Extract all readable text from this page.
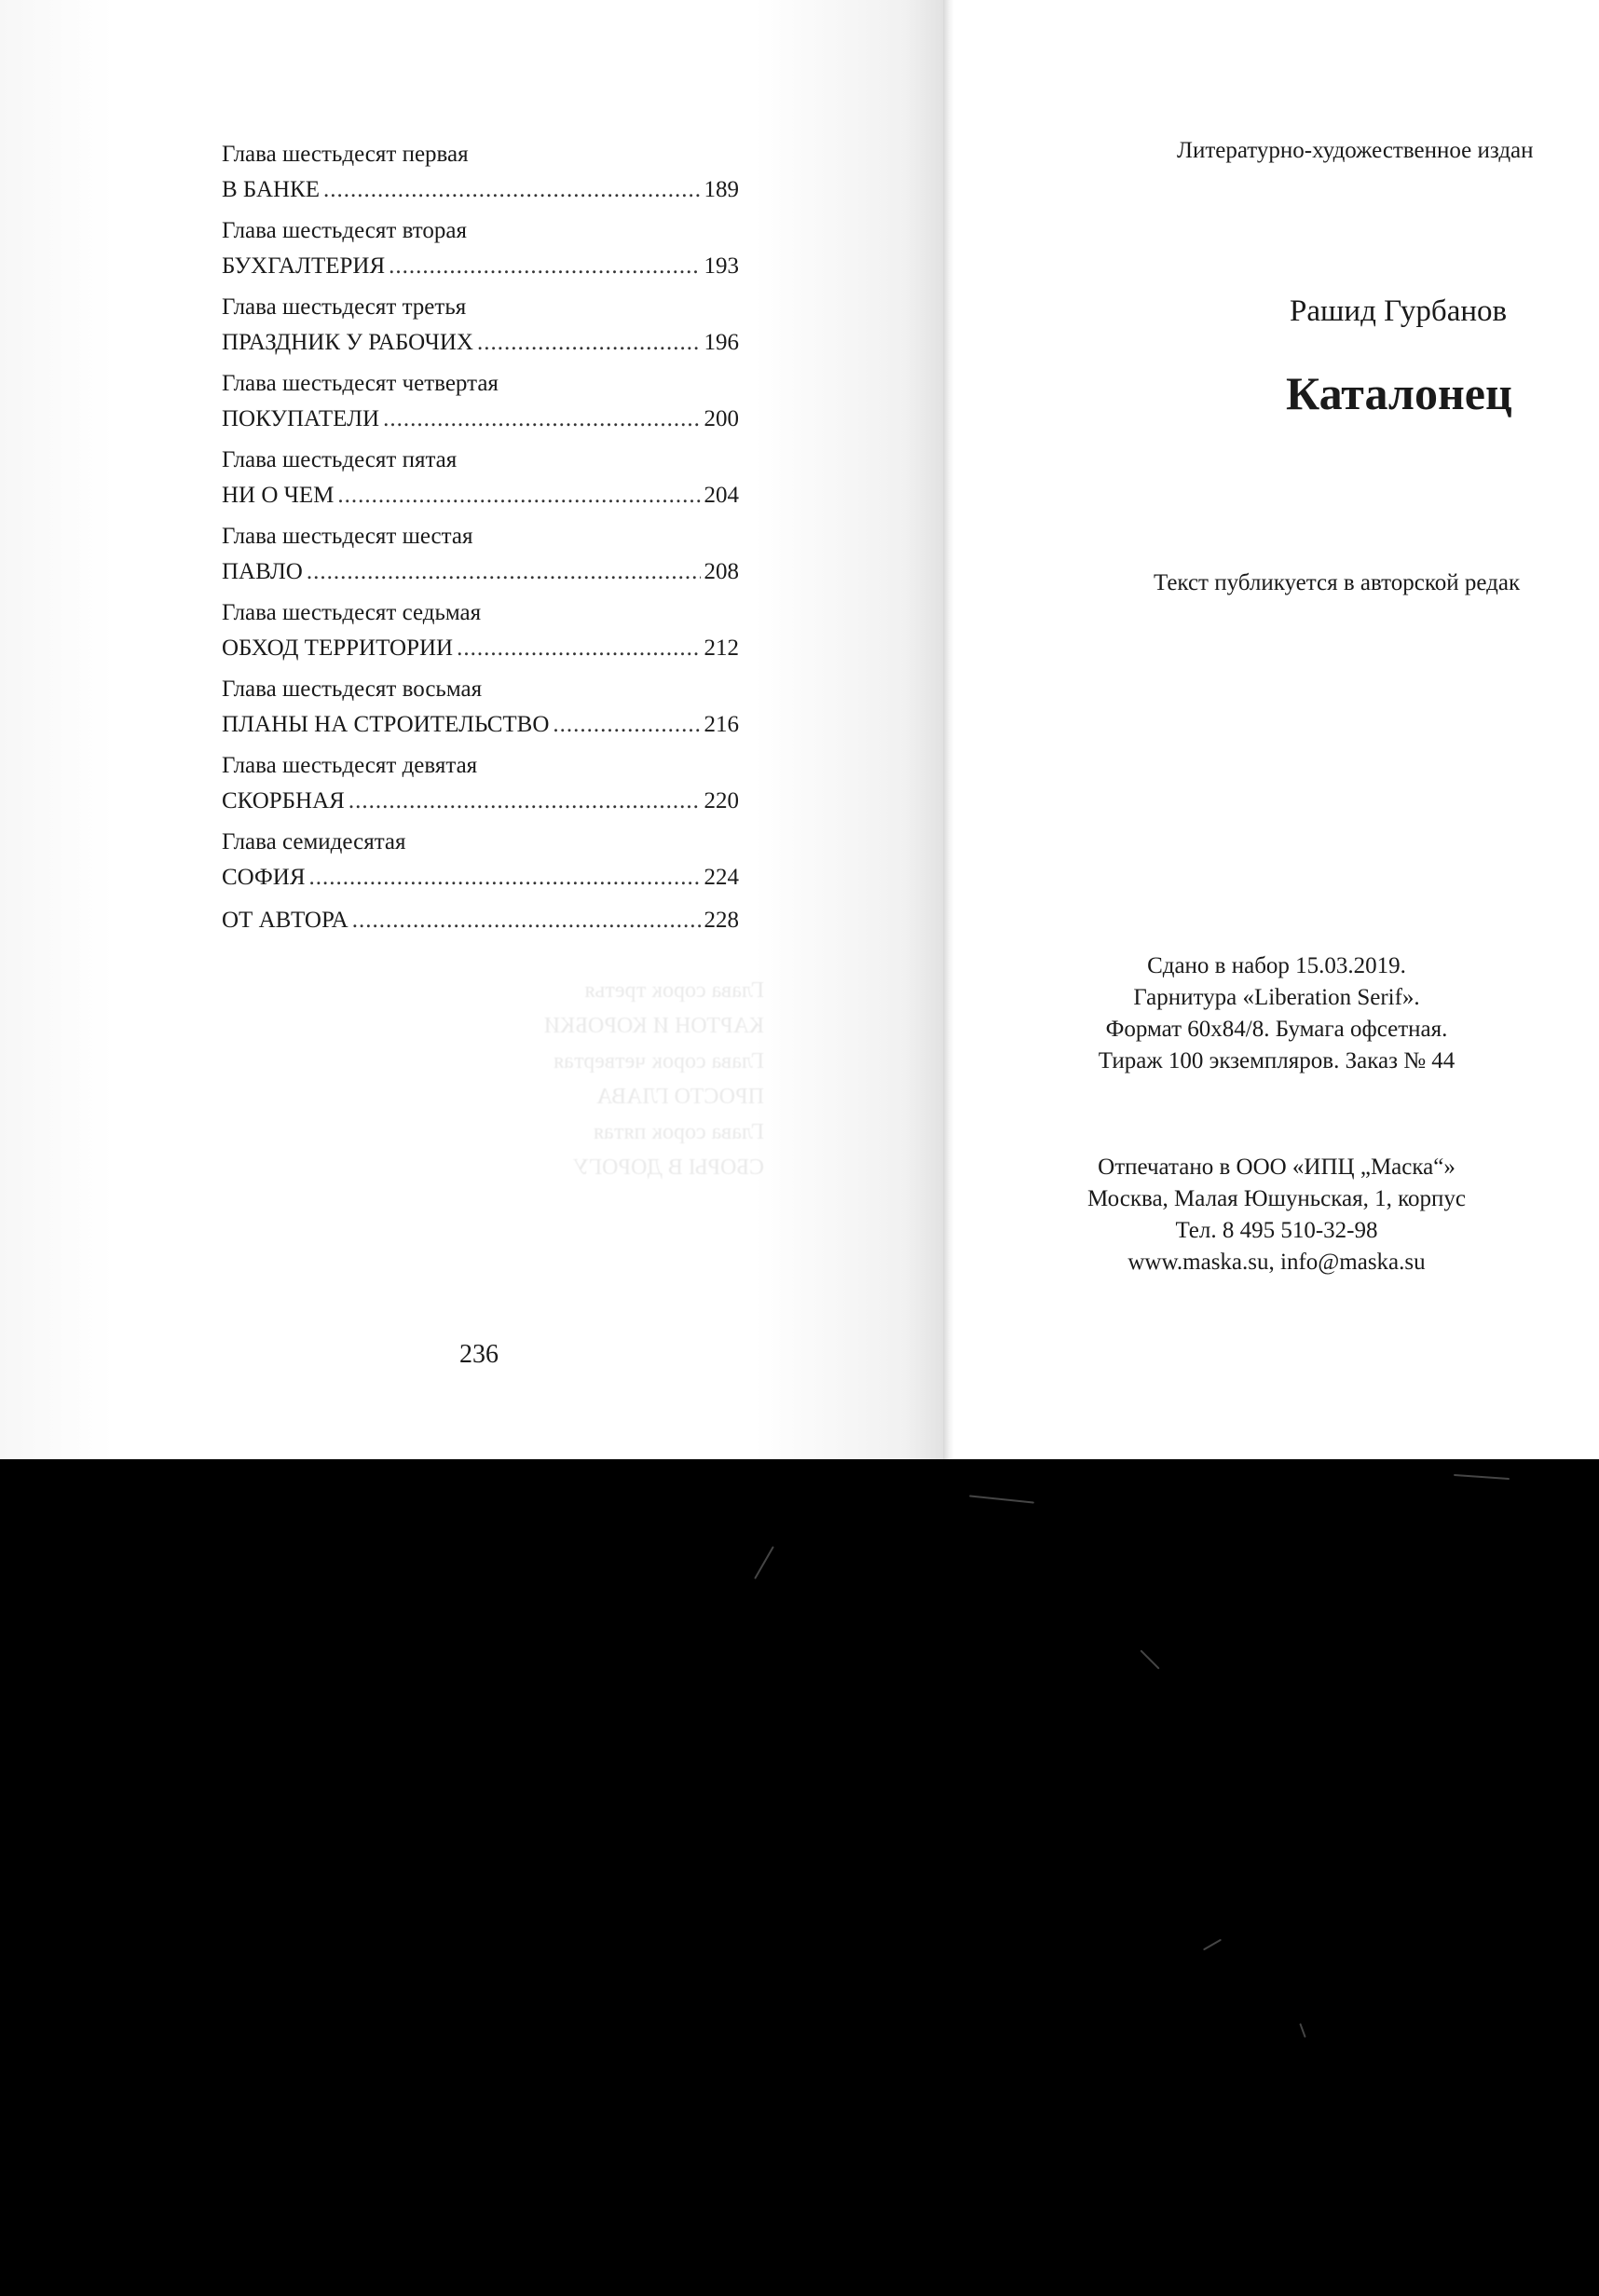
Глава сорок третья
КАРТОН И КОРОБКИ
Глава сорок четвертая
ПРОСТО ГЛАВА
Глава сорок пятая
СБОРЫ В ДОРОГУ
Глава шестьдесят первая
В БАНКЕ .....	189
Глава шестьдесят вторая
БУХГАЛТЕРИЯ .....	193
Глава шестьдесят третья
ПРАЗДНИК У РАБОЧИХ .....	196
Глава шестьдесят четвертая
ПОКУПАТЕЛИ .....	200
Глава шестьдесят пятая
НИ О ЧЕМ .....	204
Глава шестьдесят шестая
ПАВЛО .....	208
Глава шестьдесят седьмая
ОБХОД ТЕРРИТОРИИ .....	212
Глава шестьдесят восьмая
ПЛАНЫ НА СТРОИТЕЛЬСТВО .....	216
Глава шестьдесят девятая
СКОРБНАЯ .....	220
Глава семидесятая
СОФИЯ .....	224
ОТ АВТОРА .....	228
236
Литературно-художественное издан
Рашид Гурбанов
Каталонец
Текст публикуется в авторской редак
Сдано в набор 15.03.2019.
Гарнитура «Liberation Serif».
Формат 60х84/8. Бумага офсетная.
Тираж 100 экземпляров. Заказ № 44
Отпечатано в ООО «ИПЦ „Маска“»
Москва, Малая Юшуньская, 1, корпус
Тел. 8 495 510-32-98
www.maska.su, info@maska.su
